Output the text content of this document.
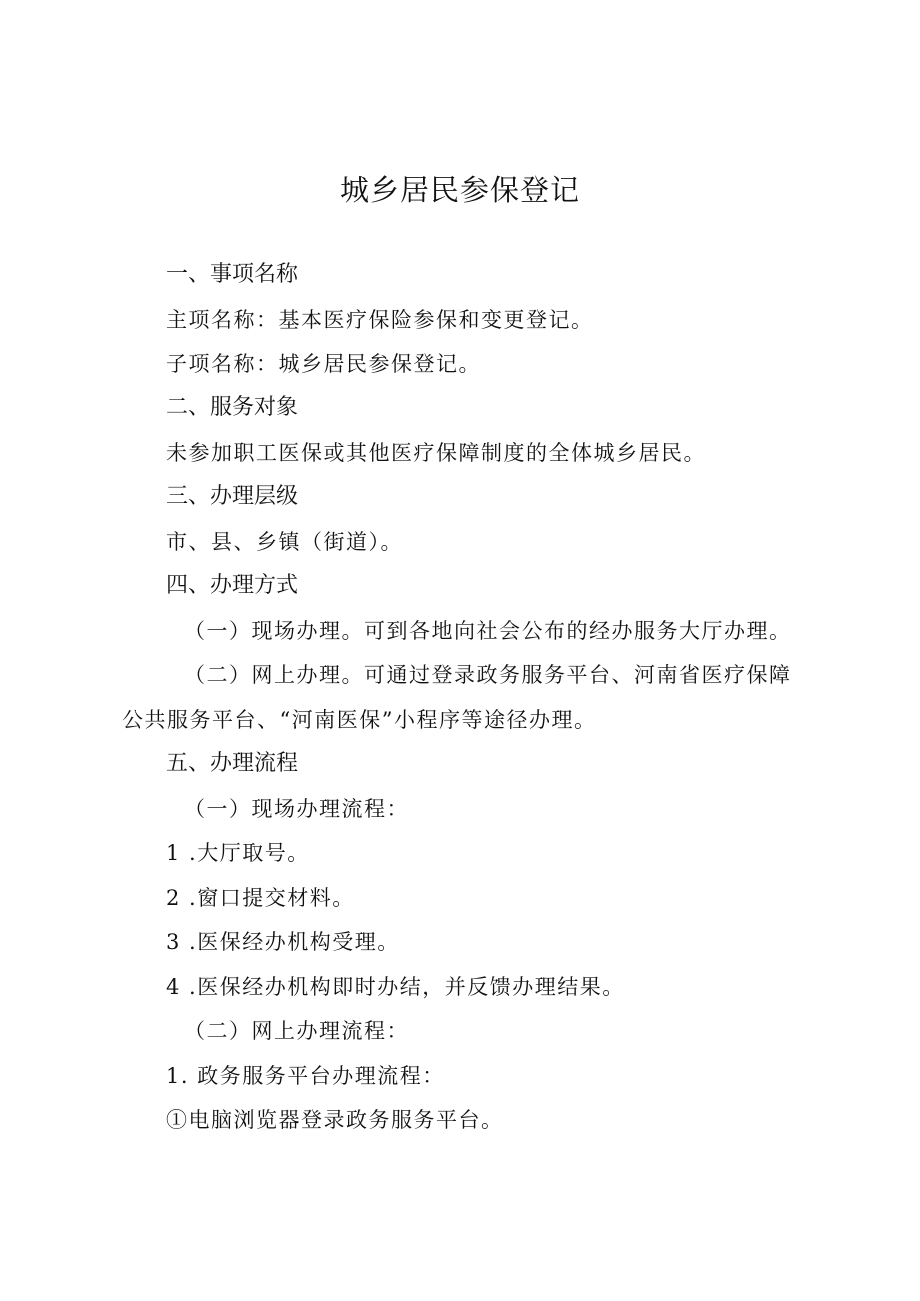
城乡居民参保登记
一、事项名称
主项名称：基本医疗保险参保和变更登记。
子项名称：城乡居民参保登记。
二、服务对象
未参加职工医保或其他医疗保障制度的全体城乡居民。
三、办理层级
市、县、乡镇（街道）。
四、办理方式
（一）现场办理。可到各地向社会公布的经办服务大厅办理。
（二）网上办理。可通过登录政务服务平台、河南省医疗保障
公共服务平台、“河南医保”小程序等途径办理。
五、办理流程
（一）现场办理流程：
1 .大厅取号。
2 .窗口提交材料。
3 .医保经办机构受理。
4 .医保经办机构即时办结，并反馈办理结果。
（二）网上办理流程：
1. 政务服务平台办理流程：
①电脑浏览器登录政务服务平台。
